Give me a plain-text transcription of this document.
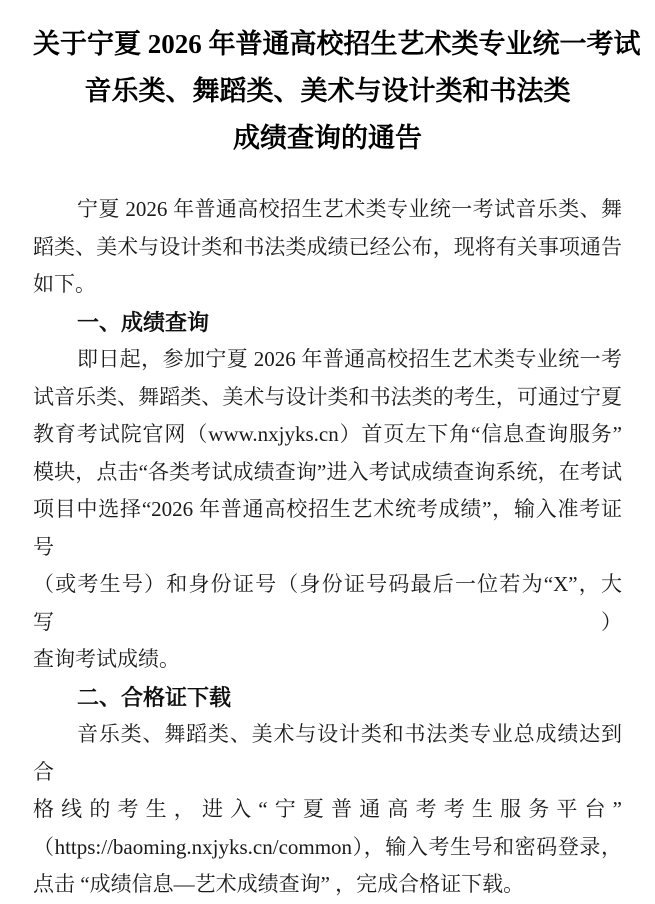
关于宁夏 2026 年普通高校招生艺术类专业统一考试
音乐类、舞蹈类、美术与设计类和书法类
成绩查询的通告
宁夏 2026 年普通高校招生艺术类专业统一考试音乐类、舞
蹈类、美术与设计类和书法类成绩已经公布，现将有关事项通告
如下。
一、成绩查询
即日起，参加宁夏 2026 年普通高校招生艺术类专业统一考
试音乐类、舞蹈类、美术与设计类和书法类的考生，可通过宁夏
教育考试院官网（www.nxjyks.cn）首页左下角“信息查询服务”
模块，点击“各类考试成绩查询”进入考试成绩查询系统，在考试
项目中选择“2026 年普通高校招生艺术统考成绩”，输入准考证号
（或考生号）和身份证号（身份证号码最后一位若为“X”，大写）
查询考试成绩。
二、合格证下载
音乐类、舞蹈类、美术与设计类和书法类专业总成绩达到合
格线的考生，进入“宁夏普通高考考生服务平台”
（https://baoming.nxjyks.cn/common），输入考生号和密码登录，
点击 “成绩信息—艺术成绩查询” ，完成合格证下载。
